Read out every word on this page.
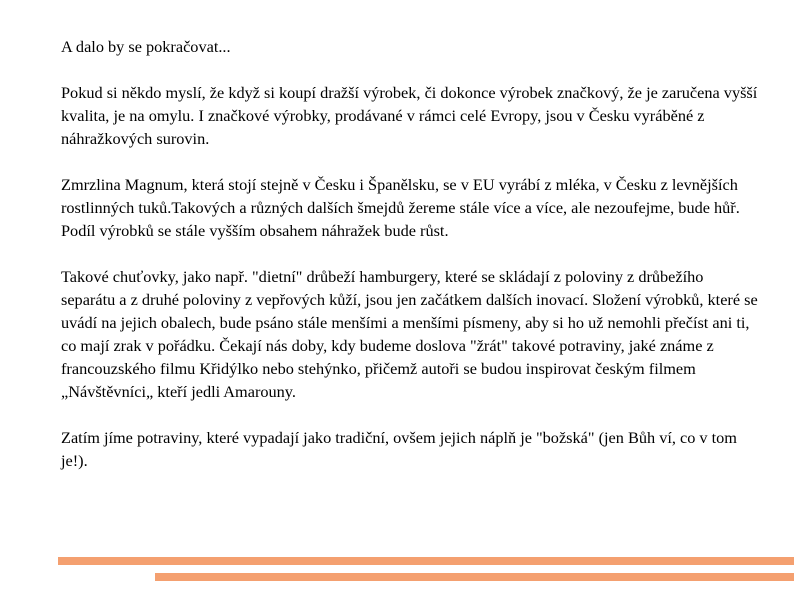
A dalo by se pokračovat...

Pokud si někdo myslí, že když si koupí dražší výrobek, či dokonce výrobek značkový, že je zaručena vyšší kvalita, je na omylu. I značkové výrobky, prodávané v rámci celé Evropy, jsou v Česku vyráběné z náhražkových surovin.

Zmrzlina Magnum, která stojí stejně v Česku i Španělsku, se v EU vyrábí z mléka, v Česku z levnějších rostlinných tuků.Takových a různých dalších šmejdů žereme stále více a více, ale nezoufejme, bude hůř. Podíl výrobků se stále vyšším obsahem náhražek bude růst.

Takové chuťovky, jako např. "dietní" drůbeží hamburgery, které se skládají z poloviny z drůbežího separátu a z druhé poloviny z vepřových kůží, jsou jen začátkem dalších inovací. Složení výrobků, které se uvádí na jejich obalech, bude psáno stále menšími a menšími písmeny, aby si ho už nemohli přečíst ani ti, co mají zrak v pořádku. Čekají nás doby, kdy budeme doslova "žrát" takové potraviny, jaké známe z francouzského filmu Křidýlko nebo stehýnko, přičemž autoři se budou inspirovat českým filmem „Návštěvníci„ kteří jedli Amarouny.

Zatím jíme potraviny, které vypadají jako tradiční, ovšem jejich náplň je "božská" (jen Bůh ví, co v tom je!).
